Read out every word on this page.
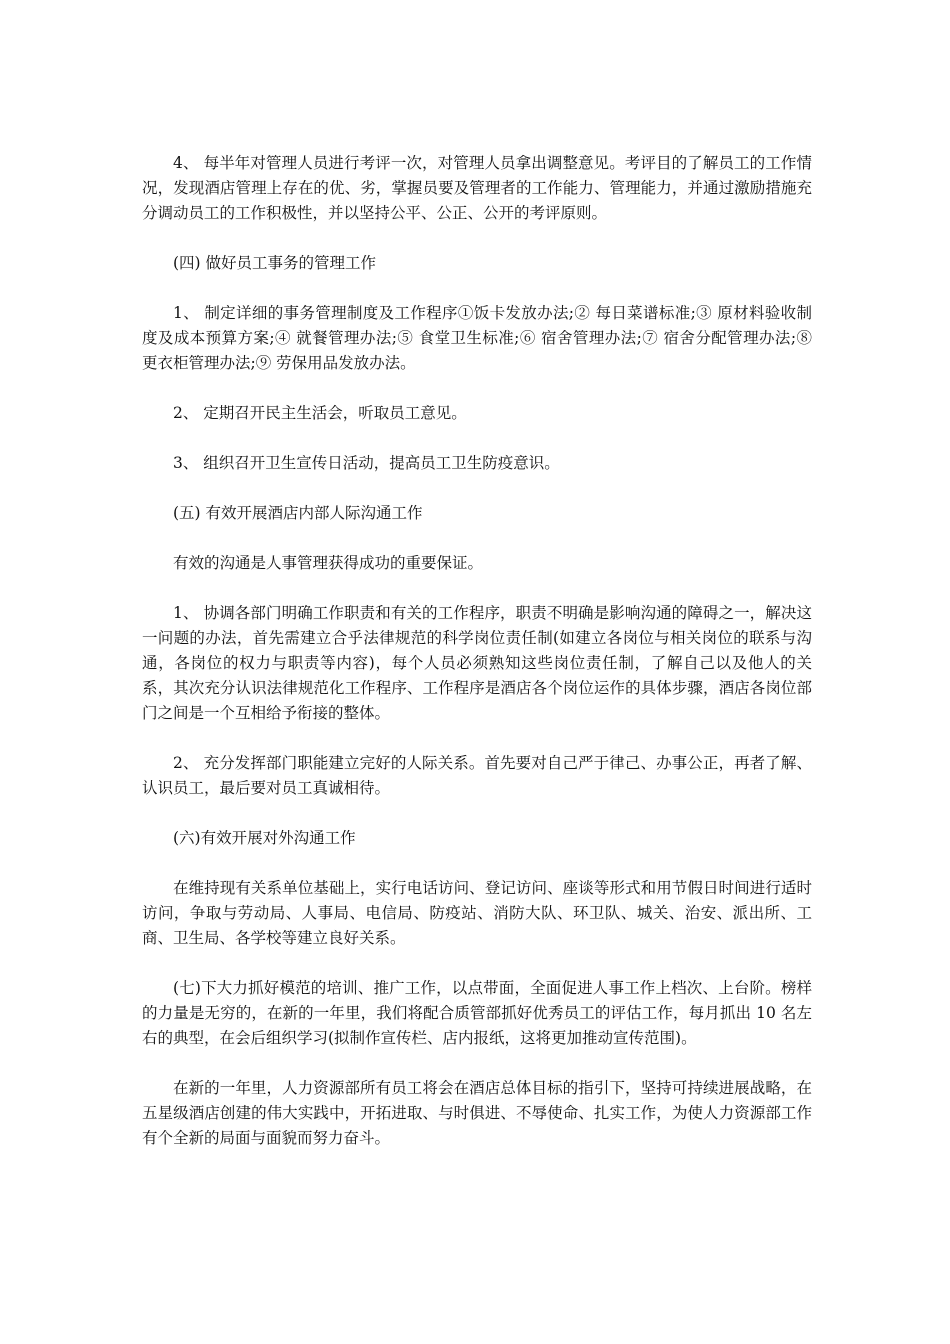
4、 每半年对管理人员进行考评一次，对管理人员拿出调整意见。考评目的了解员工的工作情况，发现酒店管理上存在的优、劣，掌握员要及管理者的工作能力、管理能力，并通过激励措施充分调动员工的工作积极性，并以坚持公平、公正、公开的考评原则。

(四) 做好员工事务的管理工作

1、 制定详细的事务管理制度及工作程序①饭卡发放办法;② 每日菜谱标准;③ 原材料验收制度及成本预算方案;④ 就餐管理办法;⑤ 食堂卫生标准;⑥ 宿舍管理办法;⑦ 宿舍分配管理办法;⑧ 更衣柜管理办法;⑨ 劳保用品发放办法。

2、 定期召开民主生活会，听取员工意见。

3、 组织召开卫生宣传日活动，提高员工卫生防疫意识。

(五) 有效开展酒店内部人际沟通工作

有效的沟通是人事管理获得成功的重要保证。

1、 协调各部门明确工作职责和有关的工作程序，职责不明确是影响沟通的障碍之一，解决这一问题的办法，首先需建立合乎法律规范的科学岗位责任制(如建立各岗位与相关岗位的联系与沟通，各岗位的权力与职责等内容)，每个人员必须熟知这些岗位责任制，了解自己以及他人的关系，其次充分认识法律规范化工作程序、工作程序是酒店各个岗位运作的具体步骤，酒店各岗位部门之间是一个互相给予衔接的整体。

2、 充分发挥部门职能建立完好的人际关系。首先要对自己严于律己、办事公正，再者了解、认识员工，最后要对员工真诚相待。

(六)有效开展对外沟通工作

在维持现有关系单位基础上，实行电话访问、登记访问、座谈等形式和用节假日时间进行适时访问，争取与劳动局、人事局、电信局、防疫站、消防大队、环卫队、城关、治安、派出所、工商、卫生局、各学校等建立良好关系。

(七)下大力抓好模范的培训、推广工作，以点带面，全面促进人事工作上档次、上台阶。榜样的力量是无穷的，在新的一年里，我们将配合质管部抓好优秀员工的评估工作，每月抓出 10 名左右的典型，在会后组织学习(拟制作宣传栏、店内报纸，这将更加推动宣传范围)。

在新的一年里，人力资源部所有员工将会在酒店总体目标的指引下，坚持可持续进展战略，在五星级酒店创建的伟大实践中，开拓进取、与时俱进、不辱使命、扎实工作，为使人力资源部工作有个全新的局面与面貌而努力奋斗。
